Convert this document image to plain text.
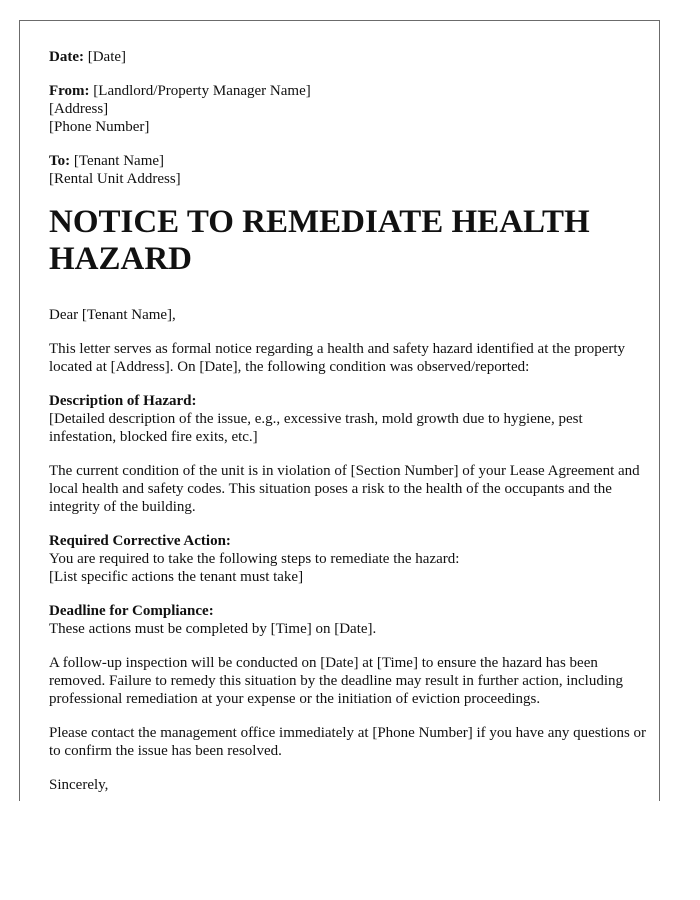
Date: [Date]

From: [Landlord/Property Manager Name]
[Address]
[Phone Number]

To: [Tenant Name]
[Rental Unit Address]

NOTICE TO REMEDIATE HEALTH HAZARD

Dear [Tenant Name],

This letter serves as formal notice regarding a health and safety hazard identified at the property located at [Address]. On [Date], the following condition was observed/reported:

Description of Hazard:
[Detailed description of the issue, e.g., excessive trash, mold growth due to hygiene, pest infestation, blocked fire exits, etc.]

The current condition of the unit is in violation of [Section Number] of your Lease Agreement and local health and safety codes. This situation poses a risk to the health of the occupants and the integrity of the building.

Required Corrective Action:
You are required to take the following steps to remediate the hazard:
[List specific actions the tenant must take]

Deadline for Compliance:
These actions must be completed by [Time] on [Date].

A follow-up inspection will be conducted on [Date] at [Time] to ensure the hazard has been removed. Failure to remedy this situation by the deadline may result in further action, including professional remediation at your expense or the initiation of eviction proceedings.

Please contact the management office immediately at [Phone Number] if you have any questions or to confirm the issue has been resolved.

Sincerely,
